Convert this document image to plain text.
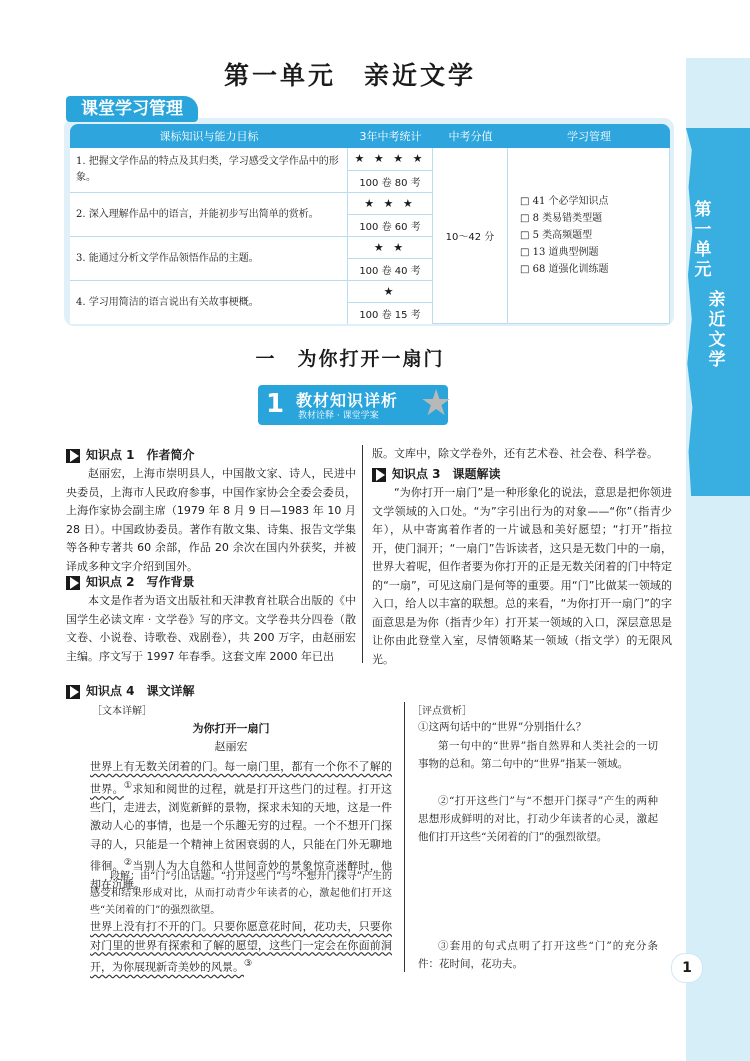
第一单元
亲近文学
1
第一单元　亲近文学
课堂学习管理
课标知识与能力目标	3年中考统计	中考分值	学习管理
1. 把握文学作品的特点及其归类，学习感受文学作品中的形象。	★ ★ ★ ★	10～42 分	□ 41 个必学知识点
□ 8 类易错类型题
□ 5 类高频题型
□ 13 道典型例题
□ 68 道强化训练题

	100 卷 80 考		
2. 深入理解作品中的语言，并能初步写出简单的赏析。	★ ★ ★		
	100 卷 60 考		
3. 能通过分析文学作品领悟作品的主题。	★ ★		
	100 卷 40 考		
4. 学习用简洁的语言说出有关故事梗概。	★		
	100 卷 15 考		
一　为你打开一扇门
1 教材知识详析
教材诠释 · 课堂学案 ★
知识点 1　作者简介
赵丽宏，上海市崇明县人，中国散文家、诗人，民进中央委员，上海市人民政府参事，中国作家协会全委会委员，上海作家协会副主席（1979 年 8 月 9 日—1983 年 10 月 28 日）。中国政协委员。著作有散文集、诗集、报告文学集等各种专著共 60 余部，作品 20 余次在国内外获奖，并被译成多种文字介绍到国外。
知识点 2　写作背景
本文是作者为语文出版社和天津教育社联合出版的《中国学生必读文库 · 文学卷》写的序文。文学卷共分四卷（散文卷、小说卷、诗歌卷、戏剧卷），共 200 万字，由赵丽宏主编。序文写于 1997 年春季。这套文库 2000 年已出
版。文库中，除文学卷外，还有艺术卷、社会卷、科学卷。
知识点 3　课题解读
“为你打开一扇门”是一种形象化的说法，意思是把你领进文学领域的入口处。“为”字引出行为的对象——“你”（指青少年），从中寄寓着作者的一片诚恳和美好愿望；“打开”指拉开，使门洞开；“一扇门”告诉读者，这只是无数门中的一扇，世界大着呢，但作者要为你打开的正是无数关闭着的门中特定的“一扇”，可见这扇门是何等的重要。用“门”比做某一领域的入口，给人以丰富的联想。总的来看，“为你打开一扇门”的字面意思是为你（指青少年）打开某一领域的入口，深层意思是让你由此登堂入室，尽情领略某一领域（指文学）的无限风光。
知识点 4　课文详解
［文本详解］
为你打开一扇门
赵丽宏
世界上有无数关闭着的门。每一扇门里，都有一个你不了解的世界。①求知和阅世的过程，就是打开这些门的过程。打开这些门，走进去，浏览新鲜的景物，探求未知的天地，这是一件激动人心的事情，也是一个乐趣无穷的过程。一个不想开门探寻的人，只能是一个精神上贫困衰弱的人，只能在门外无聊地徘徊。②当别人为大自然和人世间奇妙的景象惊奇迷醉时，他却在沉睡。
段解：由“门”引出话题。“打开这些门”与“不想开门探寻”产生的感受和结果形成对比，从而打动青少年读者的心，激起他们打开这些“关闭着的门”的强烈欲望。
世界上没有打不开的门。只要你愿意花时间，花功夫，只要你对门里的世界有探索和了解的愿望，这些门一定会在你面前洞开，为你展现新奇美妙的风景。③
［评点赏析］
①这两句话中的“世界”分别指什么？
第一句中的“世界”指自然界和人类社会的一切事物的总和。第二句中的“世界”指某一领域。
②“打开这些门”与“不想开门探寻”产生的两种思想形成鲜明的对比，打动少年读者的心灵，激起他们打开这些“关闭着的门”的强烈欲望。
③套用的句式点明了打开这些“门”的充分条件：花时间，花功夫。
